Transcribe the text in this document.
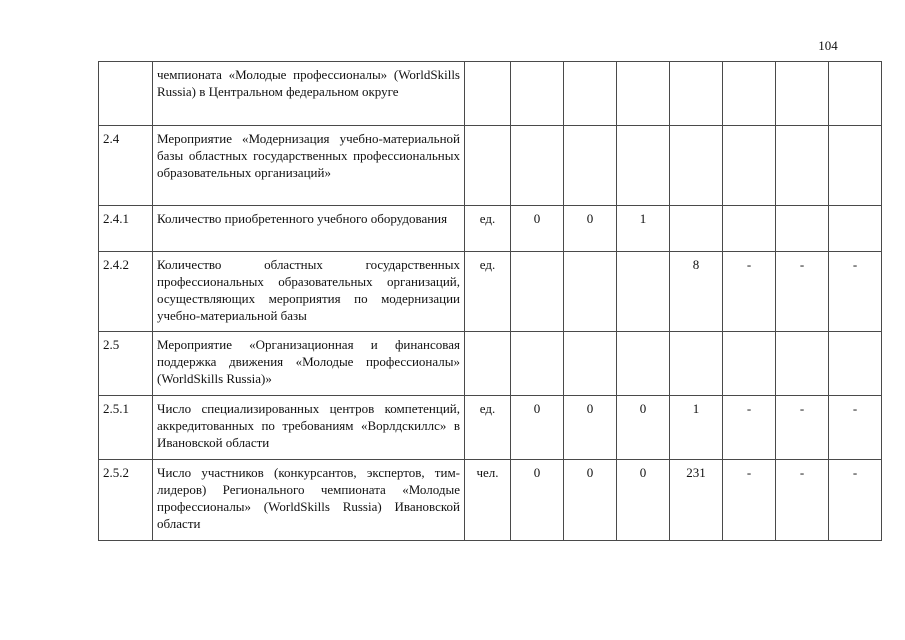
104
	чемпионата «Молодые профессионалы» (WorldSkills Russia) в Центральном федеральном округе								
2.4	Мероприятие «Модернизация учебно-материальной базы областных государственных профессиональных образовательных организаций»								
2.4.1	Количество приобретенного учебного оборудования	ед.	0	0	1				
2.4.2	Количество областных государственных профессиональных образовательных организаций, осуществляющих мероприятия по модернизации учебно-материальной базы	ед.				8	-	-	-
2.5	Мероприятие «Организационная и финансовая поддержка движения «Молодые профессионалы» (WorldSkills Russia)»								
2.5.1	Число специализированных центров компетенций, аккредитованных по требованиям «Ворлдскиллс» в Ивановской области	ед.	0	0	0	1	-	-	-
2.5.2	Число участников (конкурсантов, экспертов, тим-лидеров) Регионального чемпионата «Молодые профессионалы» (WorldSkills Russia) Ивановской области	чел.	0	0	0	231	-	-	-
